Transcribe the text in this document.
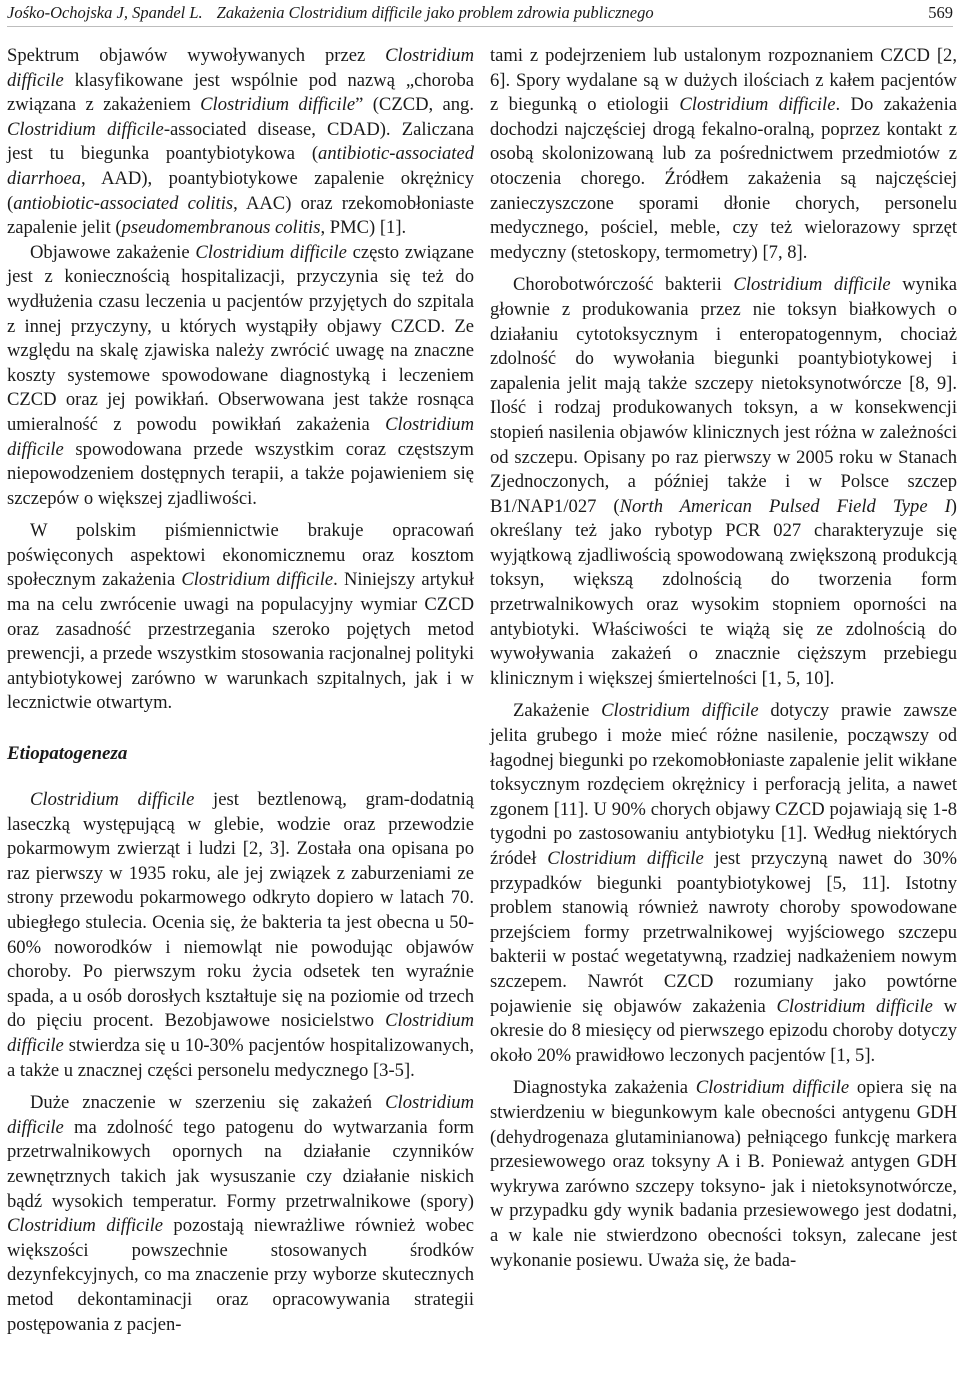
Jośko-Ochojska J, Spandel L. Zakażenia Clostridium difficile jako problem zdrowia publicznego	569

Spektrum objawów wywoływanych przez Clostridium difficile klasyfikowane jest wspólnie pod nazwą „choroba związana z zakażeniem Clostridium difficile” (CZCD, ang. Clostridium difficile-associated disease, CDAD). Zaliczana jest tu biegunka poantybiotykowa (antibiotic-associated diarrhoea, AAD), poantybiotykowe zapalenie okrężnicy (antiobiotic-associated colitis, AAC) oraz rzekomobłoniaste zapalenie jelit (pseudomembranous colitis, PMC) [1].

Objawowe zakażenie Clostridium difficile często związane jest z koniecznością hospitalizacji, przyczynia się też do wydłużenia czasu leczenia u pacjentów przyjętych do szpitala z innej przyczyny, u których wystąpiły objawy CZCD. Ze względu na skalę zjawiska należy zwrócić uwagę na znaczne koszty systemowe spowodowane diagnostyką i leczeniem CZCD oraz jej powikłań. Obserwowana jest także rosnąca umieralność z powodu powikłań zakażenia Clostridium difficile spowodowana przede wszystkim coraz częstszym niepowodzeniem dostępnych terapii, a także pojawieniem się szczepów o większej zjadliwości.

W polskim piśmiennictwie brakuje opracowań poświęconych aspektowi ekonomicznemu oraz kosztom społecznym zakażenia Clostridium difficile. Niniejszy artykuł ma na celu zwrócenie uwagi na populacyjny wymiar CZCD oraz zasadność przestrzegania szeroko pojętych metod prewencji, a przede wszystkim stosowania racjonalnej polityki antybiotykowej zarówno w warunkach szpitalnych, jak i w lecznictwie otwartym.

Etiopatogeneza

Clostridium difficile jest beztlenową, gram-dodatnią laseczką występującą w glebie, wodzie oraz przewodzie pokarmowym zwierząt i ludzi [2, 3]. Została ona opisana po raz pierwszy w 1935 roku, ale jej związek z zaburzeniami ze strony przewodu pokarmowego odkryto dopiero w latach 70. ubiegłego stulecia. Ocenia się, że bakteria ta jest obecna u 50-60% noworodków i niemowląt nie powodując objawów choroby. Po pierwszym roku życia odsetek ten wyraźnie spada, a u osób dorosłych kształtuje się na poziomie od trzech do pięciu procent. Bezobjawowe nosicielstwo Clostridium difficile stwierdza się u 10-30% pacjentów hospitalizowanych, a także u znacznej części personelu medycznego [3-5].

Duże znaczenie w szerzeniu się zakażeń Clostridium difficile ma zdolność tego patogenu do wytwarzania form przetrwalnikowych opornych na działanie czynników zewnętrznych takich jak wysuszanie czy działanie niskich bądź wysokich temperatur. Formy przetrwalnikowe (spory) Clostridium difficile pozostają niewrażliwe również wobec większości powszechnie stosowanych środków dezynfekcyjnych, co ma znaczenie przy wyborze skutecznych metod dekontaminacji oraz opracowywania strategii postępowania z pacjen-

tami z podejrzeniem lub ustalonym rozpoznaniem CZCD [2, 6]. Spory wydalane są w dużych ilościach z kałem pacjentów z biegunką o etiologii Clostridium difficile. Do zakażenia dochodzi najczęściej drogą fekalno-oralną, poprzez kontakt z osobą skolonizowaną lub za pośrednictwem przedmiotów z otoczenia chorego. Źródłem zakażenia są najczęściej zanieczyszczone sporami dłonie chorych, personelu medycznego, pościel, meble, czy też wielorazowy sprzęt medyczny (stetoskopy, termometry) [7, 8].

Chorobotwórczość bakterii Clostridium difficile wynika głownie z produkowania przez nie toksyn białkowych o działaniu cytotoksycznym i enteropatogennym, chociaż zdolność do wywołania biegunki poantybiotykowej i zapalenia jelit mają także szczepy nietoksynotwórcze [8, 9]. Ilość i rodzaj produkowanych toksyn, a w konsekwencji stopień nasilenia objawów klinicznych jest różna w zależności od szczepu. Opisany po raz pierwszy w 2005 roku w Stanach Zjednoczonych, a później także i w Polsce szczep B1/NAP1/027 (North American Pulsed Field Type I) określany też jako rybotyp PCR 027 charakteryzuje się wyjątkową zjadliwością spowodowaną zwiększoną produkcją toksyn, większą zdolnością do tworzenia form przetrwalnikowych oraz wysokim stopniem oporności na antybiotyki. Właściwości te wiążą się ze zdolnością do wywoływania zakażeń o znacznie cięższym przebiegu klinicznym i większej śmiertelności [1, 5, 10].

Zakażenie Clostridium difficile dotyczy prawie zawsze jelita grubego i może mieć różne nasilenie, począwszy od łagodnej biegunki po rzekomobłoniaste zapalenie jelit wikłane toksycznym rozdęciem okrężnicy i perforacją jelita, a nawet zgonem [11]. U 90% chorych objawy CZCD pojawiają się 1-8 tygodni po zastosowaniu antybiotyku [1]. Według niektórych źródeł Clostridium difficile jest przyczyną nawet do 30% przypadków biegunki poantybiotykowej [5, 11]. Istotny problem stanowią również nawroty choroby spowodowane przejściem formy przetrwalnikowej wyjściowego szczepu bakterii w postać wegetatywną, rzadziej nadkażeniem nowym szczepem. Nawrót CZCD rozumiany jako powtórne pojawienie się objawów zakażenia Clostridium difficile w okresie do 8 miesięcy od pierwszego epizodu choroby dotyczy około 20% prawidłowo leczonych pacjentów [1, 5].

Diagnostyka zakażenia Clostridium difficile opiera się na stwierdzeniu w biegunkowym kale obecności antygenu GDH (dehydrogenaza glutaminianowa) pełniącego funkcję markera przesiewowego oraz toksyny A i B. Ponieważ antygen GDH wykrywa zarówno szczepy toksyno- jak i nietoksynotwórcze, w przypadku gdy wynik badania przesiewowego jest dodatni, a w kale nie stwierdzono obecności toksyn, zalecane jest wykonanie posiewu. Uważa się, że bada-
